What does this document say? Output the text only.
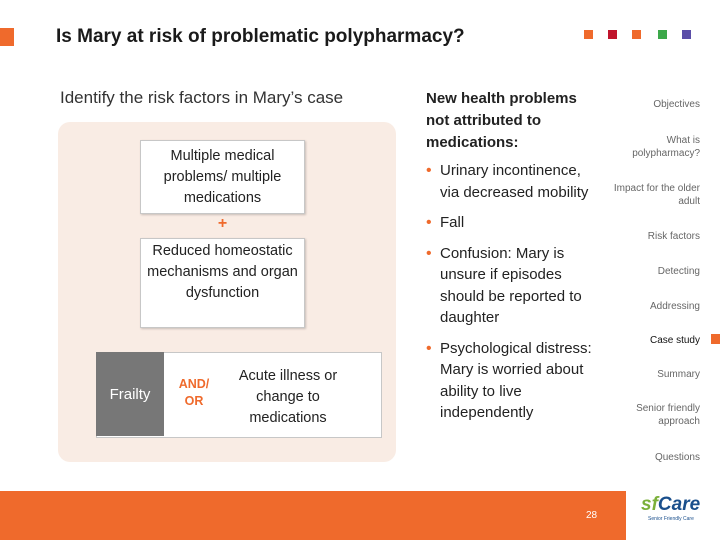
Is Mary at risk of problematic polypharmacy?
Identify the risk factors in Mary’s case
Multiple medical problems/ multiple medications
+
Reduced homeostatic mechanisms and organ dysfunction
Frailty
AND/ OR
Acute illness or change to medications
New health problems not attributed to medications:
• Urinary incontinence, via decreased mobility
• Fall
• Confusion: Mary is unsure if episodes should be reported to daughter
• Psychological distress: Mary is worried about ability to live independently
Objectives
What is polypharmacy?
Impact for the older adult
Risk factors
Detecting
Addressing
Case study
Summary
Senior friendly approach
Questions
28
sfCare
Senior Friendly Care
